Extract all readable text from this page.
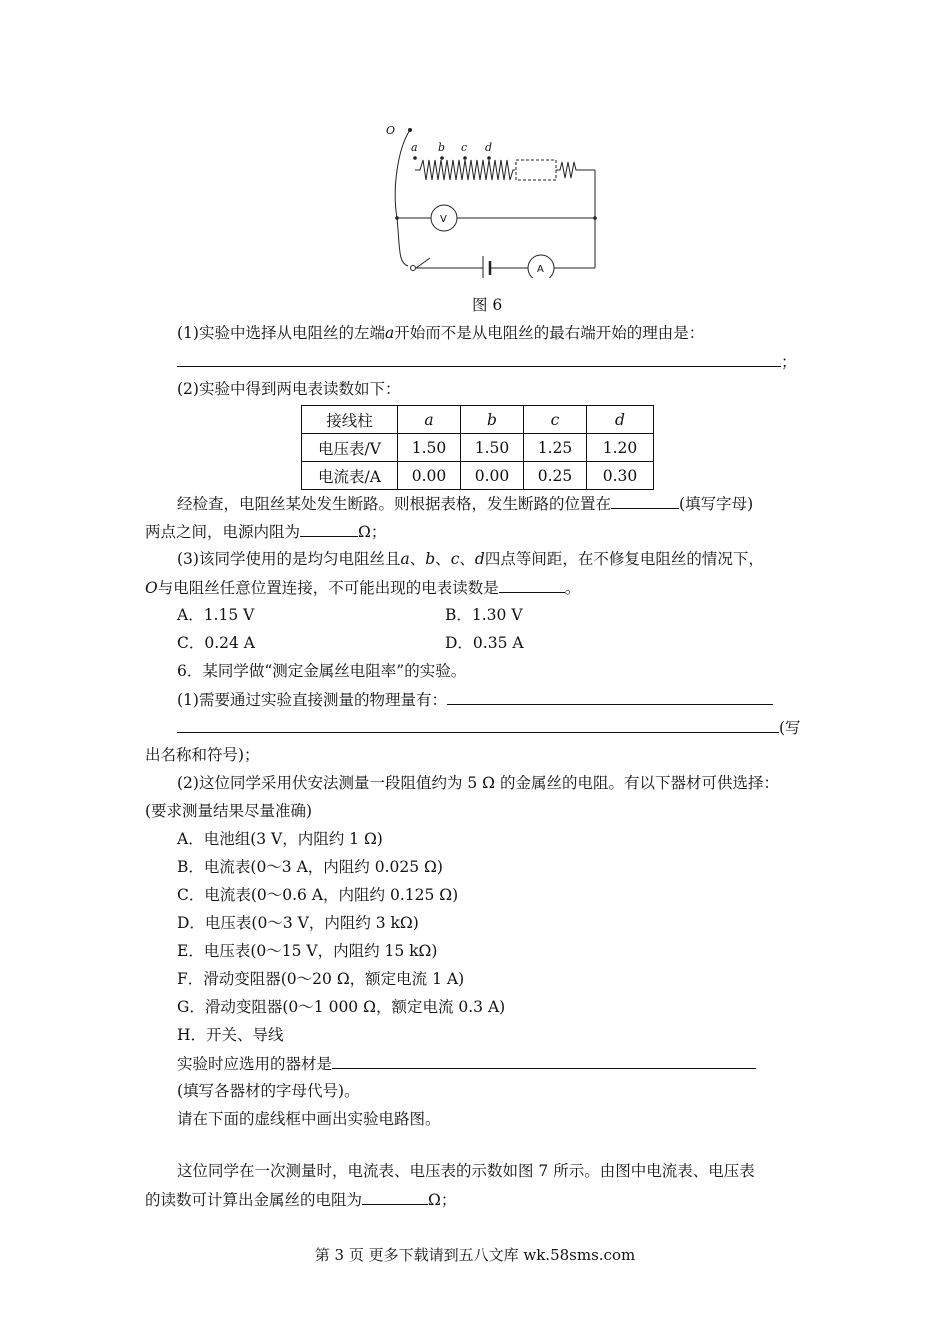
O
a b c d
V
A
图 6
(1)实验中选择从电阻丝的左端a开始而不是从电阻丝的最右端开始的理由是：
；
(2)实验中得到两电表读数如下：
接线柱	a	b	c	d
电压表/V	1.50	1.50	1.25	1.20
电流表/A	0.00	0.00	0.25	0.30
经检查，电阻丝某处发生断路。则根据表格，发生断路的位置在	(填写字母)
两点之间，电源内阻为	Ω；
(3)该同学使用的是均匀电阻丝且a、b、c、d四点等间距，在不修复电阻丝的情况下，
O与电阻丝任意位置连接，不可能出现的电表读数是	。
A．1.15 V	B．1.30 V
C．0.24 A	D．0.35 A
6．某同学做“测定金属丝电阻率”的实验。
(1)需要通过实验直接测量的物理量有：
(写
出名称和符号)；
(2)这位同学采用伏安法测量一段阻值约为 5 Ω 的金属丝的电阻。有以下器材可供选择：
(要求测量结果尽量准确)
A．电池组(3 V，内阻约 1 Ω)
B．电流表(0～3 A，内阻约 0.025 Ω)
C．电流表(0～0.6 A，内阻约 0.125 Ω)
D．电压表(0～3 V，内阻约 3 kΩ)
E．电压表(0～15 V，内阻约 15 kΩ)
F．滑动变阻器(0～20 Ω，额定电流 1 A)
G．滑动变阻器(0～1 000 Ω，额定电流 0.3 A)
H．开关、导线
实验时应选用的器材是
(填写各器材的字母代号)。
请在下面的虚线框中画出实验电路图。
这位同学在一次测量时，电流表、电压表的示数如图 7 所示。由图中电流表、电压表
的读数可计算出金属丝的电阻为	Ω；
第 3 页 更多下载请到五八文库 wk.58sms.com
